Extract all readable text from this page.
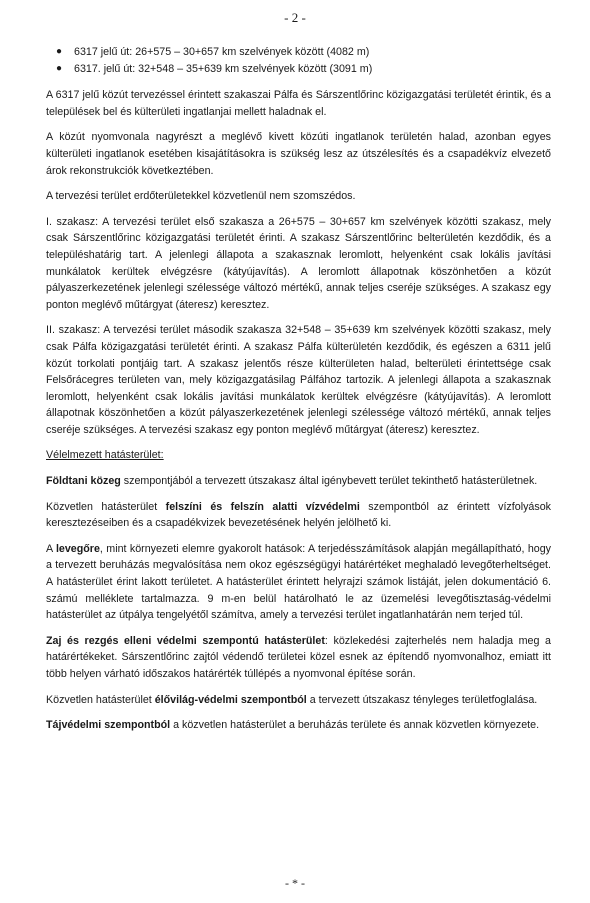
- 2 -
● 6317 jelű út: 26+575 – 30+657 km szelvények között (4082 m)
● 6317. jelű út: 32+548 – 35+639 km szelvények között (3091 m)

A 6317 jelű közút tervezéssel érintett szakaszai Pálfa és Sárszentlőrinc közigazgatási területét érintik, és a települések bel és külterületi ingatlanjai mellett haladnak el.

A közút nyomvonala nagyrészt a meglévő kivett közúti ingatlanok területén halad, azonban egyes külterületi ingatlanok esetében kisajátításokra is szükség lesz az útszélesítés és a csapadékvíz elvezető árok rekonstrukciók következtében.

A tervezési terület erdőterületekkel közvetlenül nem szomszédos.

I. szakasz: A tervezési terület első szakasza a 26+575 – 30+657 km szelvények közötti szakasz, mely csak Sárszentlőrinc közigazgatási területét érinti. A szakasz Sárszentlőrinc belterületén kezdődik, és a településhatárig tart. A jelenlegi állapota a szakasznak leromlott, helyenként csak lokális javítási munkálatok kerültek elvégzésre (kátyújavítás). A leromlott állapotnak köszönhetően a közút pályaszerkezetének jelenlegi szélessége változó mértékű, annak teljes cseréje szükséges. A szakasz egy ponton meglévő műtárgyat (áteresz) keresztez.

II. szakasz: A tervezési terület második szakasza 32+548 – 35+639 km szelvények közötti szakasz, mely csak Pálfa közigazgatási területét érinti. A szakasz Pálfa külterületén kezdődik, és egészen a 6311 jelű közút torkolati pontjáig tart. A szakasz jelentős része külterületen halad, belterületi érintettsége csak Felsőrácegres területen van, mely közigazgatásilag Pálfához tartozik. A jelenlegi állapota a szakasznak leromlott, helyenként csak lokális javítási munkálatok kerültek elvégzésre (kátyújavítás). A leromlott állapotnak köszönhetően a közút pályaszerkezetének jelenlegi szélessége változó mértékű, annak teljes cseréje szükséges. A tervezési szakasz egy ponton meglévő műtárgyat (áteresz) keresztez.

Vélelmezett hatásterület:

Földtani közeg szempontjából a tervezett útszakasz által igénybevett terület tekinthető hatásterületnek.

Közvetlen hatásterület felszíni és felszín alatti vízvédelmi szempontból az érintett vízfolyások keresztezéseiben és a csapadékvizek bevezetésének helyén jelölhető ki.

A levegőre, mint környezeti elemre gyakorolt hatások: A terjedésszámítások alapján megállapítható, hogy a tervezett beruházás megvalósítása nem okoz egészségügyi határértéket meghaladó levegőterheltséget. A hatásterület érint lakott területet. A hatásterület érintett helyrajzi számok listáját, jelen dokumentáció 6. számú melléklete tartalmazza. 9 m-en belül határolható le az üzemelési levegőtisztaság-védelmi hatásterület az útpálya tengelyétől számítva, amely a tervezési terület ingatlanhatárán nem terjed túl.

Zaj és rezgés elleni védelmi szempontú hatásterület: közlekedési zajterhelés nem haladja meg a határértékeket. Sárszentlőrinc zajtól védendő területei közel esnek az építendő nyomvonalhoz, emiatt itt több helyen várható időszakos határérték túllépés a nyomvonal építése során.

Közvetlen hatásterület élővilág-védelmi szempontból a tervezett útszakasz tényleges területfoglalása.

Tájvédelmi szempontból a közvetlen hatásterület a beruházás területe és annak közvetlen környezete.

- * -
